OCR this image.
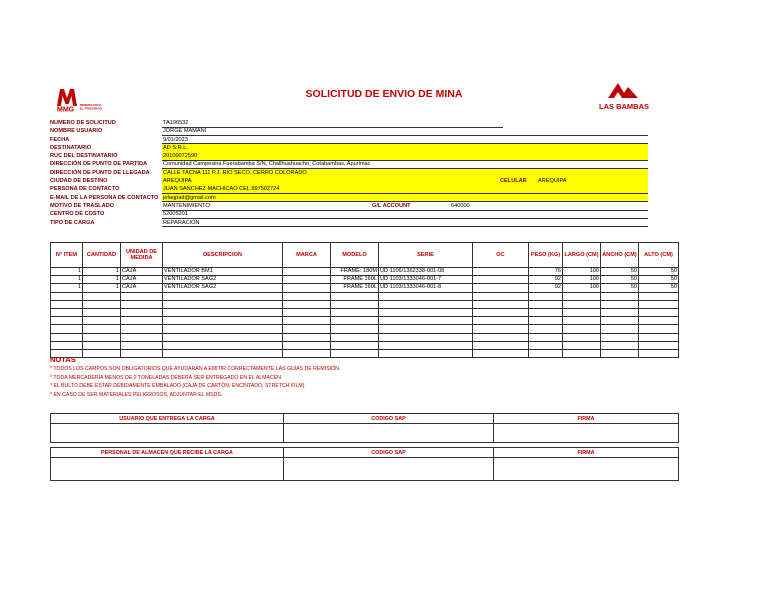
MMG
MINERÍA PARA
EL PROGRESO	LAS BAMBAS
SOLICITUD DE ENVIO DE MINA
NUMERO DE SOLICITUD	TA196532
NOMBRE USUARIO	JORGE MAMANI
FECHA	9/01/2023
DESTINATARIO	AD S.R.L.
RUC DEL DESTINATARIO	20100072590
DIRECCIÓN DE PUNTO DE PARTIDA	Comunidad Campesina Fuerabamba S/N, Challhuahuacho, Cotabambas, Apurimac
DIRECCIÓN DE PUNTO DE LLEGADA CALLE TACNA 111 P.J. RIO SECO, CERRO COLORADO
CIUDAD DE DESTINO	AREQUIPA	CELULAR AREQUIPA
PERSONA DE CONTACTO	JUAN SANCHEZ MACHICAO CEL 997502724
E-MAIL DE LA PERSONA DE CONTACTO jefaqpad@gmail.com
MOTIVO DE TRASLADO	MANTENIMIENTO	G/L ACCOUNT	640000
CENTRO DE COSTO	52005201
TIPO DE CARGA	REPARACION
N° ITEM	CANTIDAD	UNIDAD DE MEDIDA	DESCRIPCION	MARCA	MODELO	SERIE	OC	PESO (KG)	LARGO (CM)	ANCHO (CM)	ALTO (CM)
1	1	CAJA	VENTILADOR BM1		FRAME: 180M	UD 1106/1362338-001-08		76	100	50	50
1	1	CAJA	VENTILADOR SAG2		FRAME 160L	UD 1103/1333046-001-7		92	100	50	50
1	1	CAJA	VENTILADOR SAG2		FRAME 160L	UD 1103/1333046-001-8		92	100	50	50

NOTAS
* TODOS LOS CAMPOS SON OBLIGATORIOS QUE AYUDARÁN A EMITIR CORRECTAMENTE LAS GUÍAS DE REMISIÓN.
* TODA MERCADERÍA MENOS DE 2 TONELADAS DEBERÁ SER ENTREGADO EN EL ALMACÉN.
* EL BULTO DEBE ESTAR DEBIDAMENTE EMBALADO (CAJA DE CARTÓN, ENCINTADO, STRETCH FILM)
* EN CASO DE SER MATERIALES PELIGROSOS, ADJUNTAR EL MSDS.
USUARIO QUE ENTREGA LA CARGA	CODIGO SAP	FIRMA

PERSONAL DE ALMACEN QUE RECIBE LA CARGA	CODIGO SAP	FIRMA
